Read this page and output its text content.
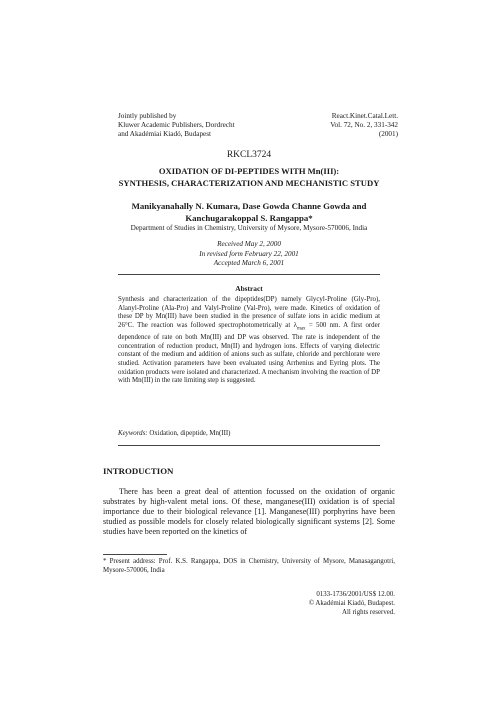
Jointly published by
Kluwer Academic Publishers, Dordrecht
and Akadémiai Kiadó, Budapest
React.Kinet.Catal.Lett.
Vol. 72, No. 2, 331-342
(2001)
RKCL3724
OXIDATION OF DI-PEPTIDES WITH Mn(III):
SYNTHESIS, CHARACTERIZATION AND MECHANISTIC STUDY
Manikyanahally N. Kumara, Dase Gowda Channe Gowda and
Kanchugarakoppal S. Rangappa*
Department of Studies in Chemistry, University of Mysore, Mysore-570006, India
Received May 2, 2000
In revised form February 22, 2001
Accepted March 6, 2001
Abstract
Synthesis and characterization of the dipeptides(DP) namely Glycyl-Proline (Gly-Pro), Alanyl-Proline (Ala-Pro) and Valyl-Proline (Val-Pro), were made. Kinetics of oxidation of these DP by Mn(III) have been studied in the presence of sulfate ions in acidic medium at 26°C. The reaction was followed spectrophotometrically at $\lambda_{max} = 500$ nm. A first order dependence of rate on both Mn(III) and DP was observed. The rate is independent of the concentration of reduction product, Mn(II) and hydrogen ions. Effects of varying dielectric constant of the medium and addition of anions such as sulfate, chloride and perchlorate were studied. Activation parameters have been evaluated using Arrhenius and Eyring plots. The oxidation products were isolated and characterized. A mechanism involving the reaction of DP with Mn(III) in the rate limiting step is suggested.
Keywords: Oxidation, dipeptide, Mn(III)
INTRODUCTION
There has been a great deal of attention focussed on the oxidation of organic substrates by high-valent metal ions. Of these, manganese(III) oxidation is of special importance due to their biological relevance [1]. Manganese(III) porphyrins have been studied as possible models for closely related biologically significant systems [2]. Some studies have been reported on the kinetics of
* Present address: Prof. K.S. Rangappa, DOS in Chemistry, University of Mysore, Manasagangotri, Mysore-570006, India
0133-1736/2001/US$ 12.00.
© Akadémiai Kiadó, Budapest.
All rights reserved.
